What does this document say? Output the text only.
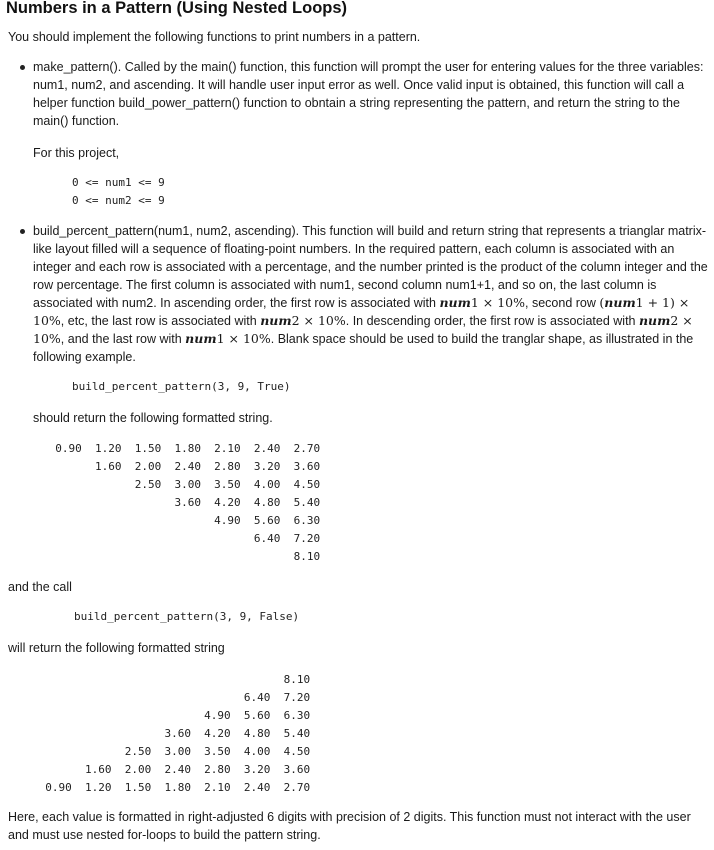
Numbers in a Pattern (Using Nested Loops)

You should implement the following functions to print numbers in a pattern.

make_pattern(). Called by the main() function, this function will prompt the user for entering values for the three variables: num1, num2, and ascending. It will handle user input error as well. Once valid input is obtained, this function will call a helper function build_power_pattern() function to obntain a string representing the pattern, and return the string to the main() function.

For this project,

0 <= num1 <= 9
0 <= num2 <= 9

build_percent_pattern(num1, num2, ascending). This function will build and return string that represents a trianglar matrix-like layout filled will a sequence of floating-point numbers. In the required pattern, each column is associated with an integer and each row is associated with a percentage, and the number printed is the product of the column integer and the row percentage. The first column is associated with num1, second column num1+1, and so on, the last column is associated with num2. In ascending order, the first row is associated with num1 × 10%, second row (num1 + 1) × 10%, etc, the last row is associated with num2 × 10%. In descending order, the first row is associated with num2 × 10%, and the last row with num1 × 10%. Blank space should be used to build the tranglar shape, as illustrated in the following example.

build_percent_pattern(3, 9, True)

should return the following formatted string.

0.90  1.20  1.50  1.80  2.10  2.40  2.70
1.60  2.00  2.40  2.80  3.20  3.60
2.50  3.00  3.50  4.00  4.50
3.60  4.20  4.80  5.40
4.90  5.60  6.30
6.40  7.20
8.10

and the call

build_percent_pattern(3, 9, False)

will return the following formatted string

8.10
6.40  7.20
4.90  5.60  6.30
3.60  4.20  4.80  5.40
2.50  3.00  3.50  4.00  4.50
1.60  2.00  2.40  2.80  3.20  3.60
0.90  1.20  1.50  1.80  2.10  2.40  2.70

Here, each value is formatted in right-adjusted 6 digits with precision of 2 digits. This function must not interact with the user and must use nested for-loops to build the pattern string.
